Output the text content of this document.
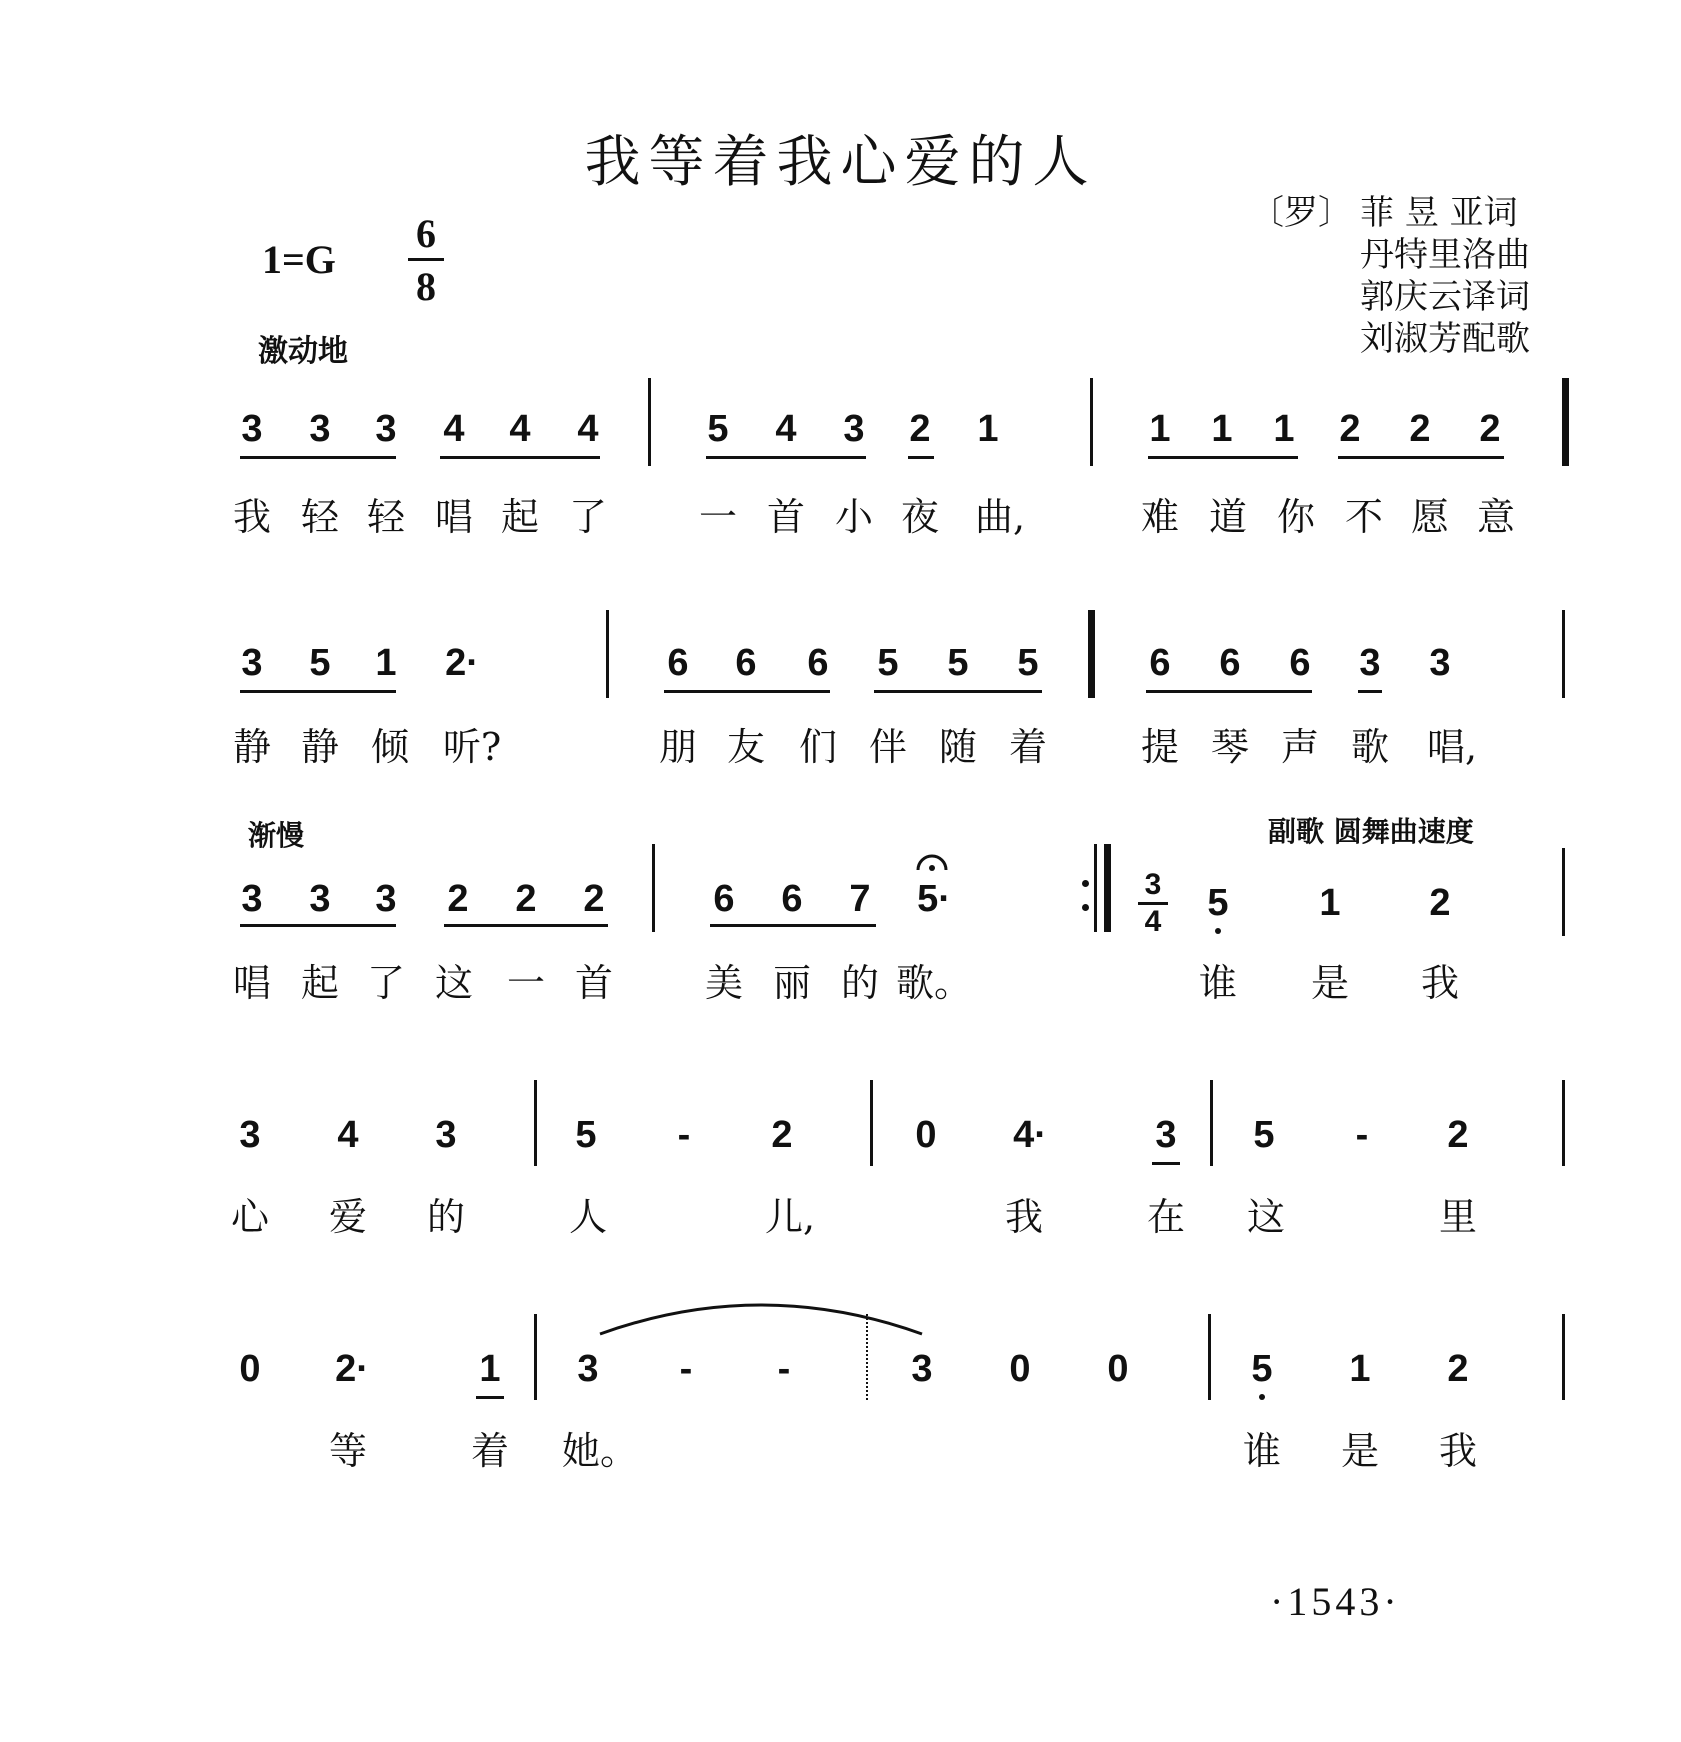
我等着我心爱的人
1=G
6
8
激动地
〔罗〕 菲 昱 亚词
丹特里洛曲
郭庆云译词
刘淑芳配歌
3 3 3 4 4 4	5 4 3 2 1	1 1 1 2 2 2
我 轻 轻 唱 起 了 一 首 小 夜 曲,	难 道 你 不 愿 意
3 5 1 2·	6 6 6 5 5 5	6 6 6 3 3
静 静 倾 听?	朋 友 们 伴 随 着 提 琴 声 歌 唱,
渐慢	副歌 圆舞曲速度
3 3 3 2 2 2	6 6 7 5·	3
4 5 1 2
唱 起 了 这 一 首 美 丽 的 歌。	谁 是 我
3 4 3	5 - 2	0 4·	3 5 - 2
心 爱 的	人	儿,	我	在 这	里
0 2·	1 3 - -	3 0 0	5 1 2
等	着 她。	谁 是 我
·1543·
